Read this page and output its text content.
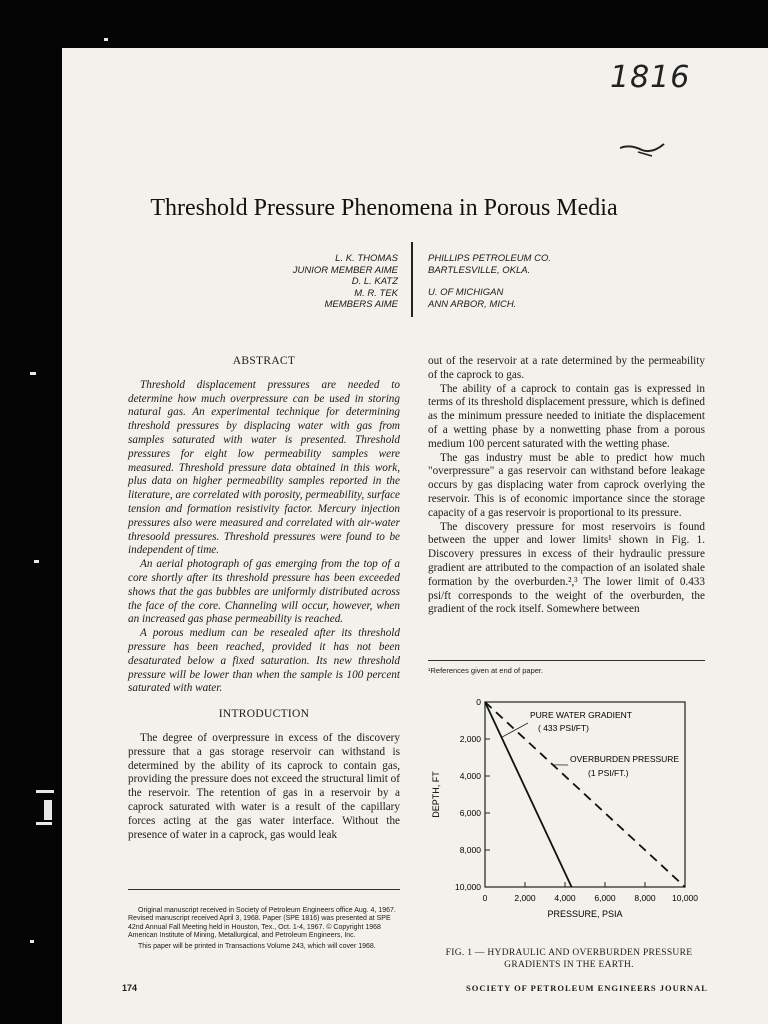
1816
Threshold Pressure Phenomena in Porous Media
L. K. THOMAS
JUNIOR MEMBER AIME
D. L. KATZ
M. R. TEK
MEMBERS AIME
PHILLIPS PETROLEUM CO.
BARTLESVILLE, OKLA.
U. OF MICHIGAN
ANN ARBOR, MICH.
ABSTRACT

Threshold displacement pressures are needed to determine how much overpressure can be used in storing natural gas. An experimental technique for determining threshold pressures by displacing water with gas from samples saturated with water is presented. Threshold pressures for eight low permeability samples were measured. Threshold pressure data obtained in this work, plus data on higher permeability samples reported in the literature, are correlated with porosity, permeability, surface tension and formation resistivity factor. Mercury injection pressures also were measured and correlated with air-water thresoold pressures. Threshold pressures were found to be independent of time.

An aerial photograph of gas emerging from the top of a core shortly after its threshold pressure has been exceeded shows that the gas bubbles are uniformly distributed across the face of the core. Channeling will occur, however, when an increased gas phase permeability is reached.

A porous medium can be resealed after its threshold pressure has been reached, provided it has not been desaturated below a fixed saturation. Its new threshold pressure will be lower than when the sample is 100 percent saturated with water.

INTRODUCTION

The degree of overpressure in excess of the discovery pressure that a gas storage reservoir can withstand is determined by the ability of its caprock to contain gas, providing the pressure does not exceed the structural limit of the reservoir. The retention of gas in a reservoir by a caprock saturated with water is a result of the capillary forces acting at the gas water interface. Without the presence of water in a caprock, gas would leak

Original manuscript received in Society of Petroleum Engineers office Aug. 4, 1967. Revised manuscript received April 3, 1968. Paper (SPE 1816) was presented at SPE 42nd Annual Fall Meeting held in Houston, Tex., Oct. 1-4, 1967. © Copyright 1968 American Institute of Mining, Metallurgical, and Petroleum Engineers, Inc.

This paper will be printed in Transactions Volume 243, which will cover 1968.

out of the reservoir at a rate determined by the permeability of the caprock to gas.

The ability of a caprock to contain gas is expressed in terms of its threshold displacement pressure, which is defined as the minimum pressure needed to initiate the displacement of a wetting phase by a nonwetting phase from a porous medium 100 percent saturated with the wetting phase.

The gas industry must be able to predict how much "overpressure" a gas reservoir can withstand before leakage occurs by gas displacing water from caprock overlying the reservoir. This is of economic importance since the storage capacity of a gas reservoir is proportional to its pressure.

The discovery pressure for most reservoirs is found between the upper and lower limits¹ shown in Fig. 1. Discovery pressures in excess of their hydraulic pressure gradient are attributed to the compaction of an isolated shale formation by the overburden.²,³ The lower limit of 0.433 psi/ft corresponds to the weight of the overburden, the gradient of the rock itself. Somewhere between

¹References given at end of paper.
0	2,000 4,000 6,000 8,000 10,000
0
2,000
4,000
6,000
8,000
10,000
PRESSURE, PSIA
DEPTH, FT
PURE WATER GRADIENT
( 433 PSI/FT)
OVERBURDEN PRESSURE
(1 PSI/FT.)
FIG. 1 — HYDRAULIC AND OVERBURDEN PRESSURE
GRADIENTS IN THE EARTH.
174	SOCIETY OF PETROLEUM ENGINEERS JOURNAL
